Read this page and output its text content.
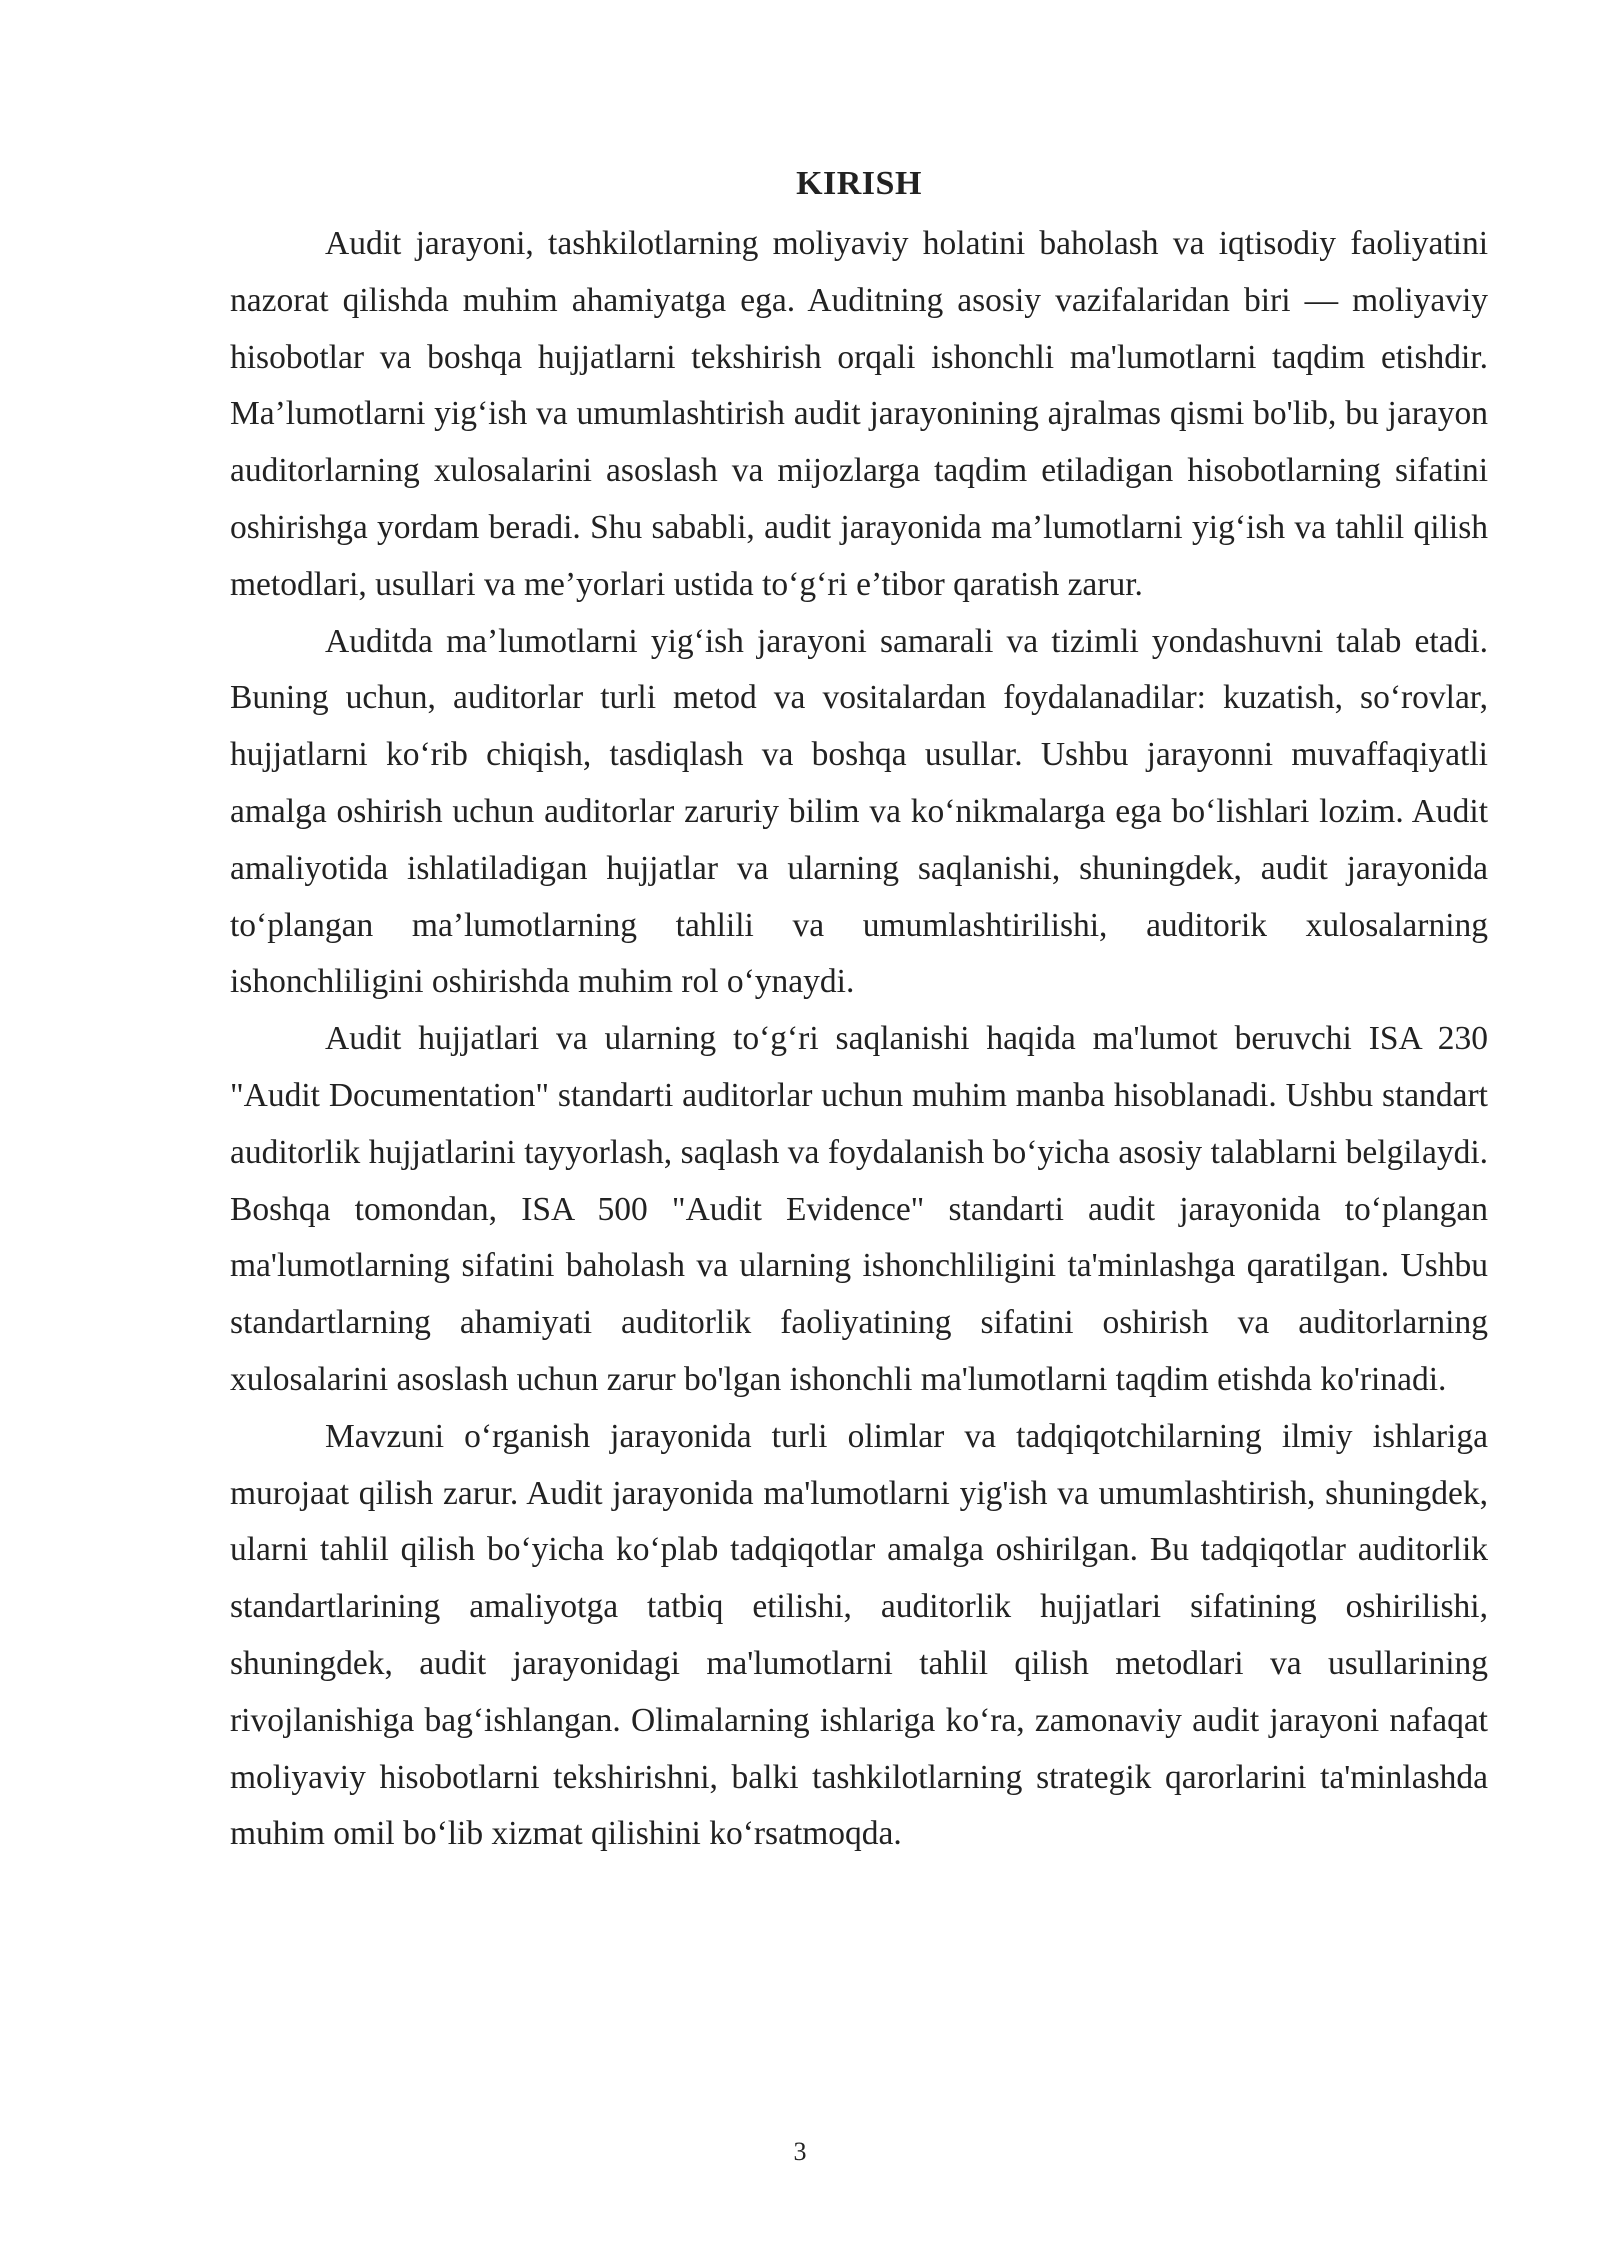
KIRISH

Audit jarayoni, tashkilotlarning moliyaviy holatini baholash va iqtisodiy faoliyatini nazorat qilishda muhim ahamiyatga ega. Auditning asosiy vazifalaridan biri — moliyaviy hisobotlar va boshqa hujjatlarni tekshirish orqali ishonchli ma'lumotlarni taqdim etishdir. Ma’lumotlarni yig‘ish va umumlashtirish audit jarayonining ajralmas qismi bo'lib, bu jarayon auditorlarning xulosalarini asoslash va mijozlarga taqdim etiladigan hisobotlarning sifatini oshirishga yordam beradi. Shu sababli, audit jarayonida ma’lumotlarni yig‘ish va tahlil qilish metodlari, usullari va me’yorlari ustida to‘g‘ri e’tibor qaratish zarur.

Auditda ma’lumotlarni yig‘ish jarayoni samarali va tizimli yondashuvni talab etadi. Buning uchun, auditorlar turli metod va vositalardan foydalanadilar: kuzatish, so‘rovlar, hujjatlarni ko‘rib chiqish, tasdiqlash va boshqa usullar. Ushbu jarayonni muvaffaqiyatli amalga oshirish uchun auditorlar zaruriy bilim va ko‘nikmalarga ega bo‘lishlari lozim. Audit amaliyotida ishlatiladigan hujjatlar va ularning saqlanishi, shuningdek, audit jarayonida to‘plangan ma’lumotlarning tahlili va umumlashtirilishi, auditorik xulosalarning ishonchliligini oshirishda muhim rol o‘ynaydi.

Audit hujjatlari va ularning to‘g‘ri saqlanishi haqida ma'lumot beruvchi ISA 230 "Audit Documentation" standarti auditorlar uchun muhim manba hisoblanadi. Ushbu standart auditorlik hujjatlarini tayyorlash, saqlash va foydalanish bo‘yicha asosiy talablarni belgilaydi. Boshqa tomondan, ISA 500 "Audit Evidence" standarti audit jarayonida to‘plangan ma'lumotlarning sifatini baholash va ularning ishonchliligini ta'minlashga qaratilgan. Ushbu standartlarning ahamiyati auditorlik faoliyatining sifatini oshirish va auditorlarning xulosalarini asoslash uchun zarur bo'lgan ishonchli ma'lumotlarni taqdim etishda ko'rinadi.

Mavzuni o‘rganish jarayonida turli olimlar va tadqiqotchilarning ilmiy ishlariga murojaat qilish zarur. Audit jarayonida ma'lumotlarni yig'ish va umumlashtirish, shuningdek, ularni tahlil qilish bo‘yicha ko‘plab tadqiqotlar amalga oshirilgan. Bu tadqiqotlar auditorlik standartlarining amaliyotga tatbiq etilishi, auditorlik hujjatlari sifatining oshirilishi, shuningdek, audit jarayonidagi ma'lumotlarni tahlil qilish metodlari va usullarining rivojlanishiga bag‘ishlangan. Olimalarning ishlariga ko‘ra, zamonaviy audit jarayoni nafaqat moliyaviy hisobotlarni tekshirishni, balki tashkilotlarning strategik qarorlarini ta'minlashda muhim omil bo‘lib xizmat qilishini ko‘rsatmoqda.

3
